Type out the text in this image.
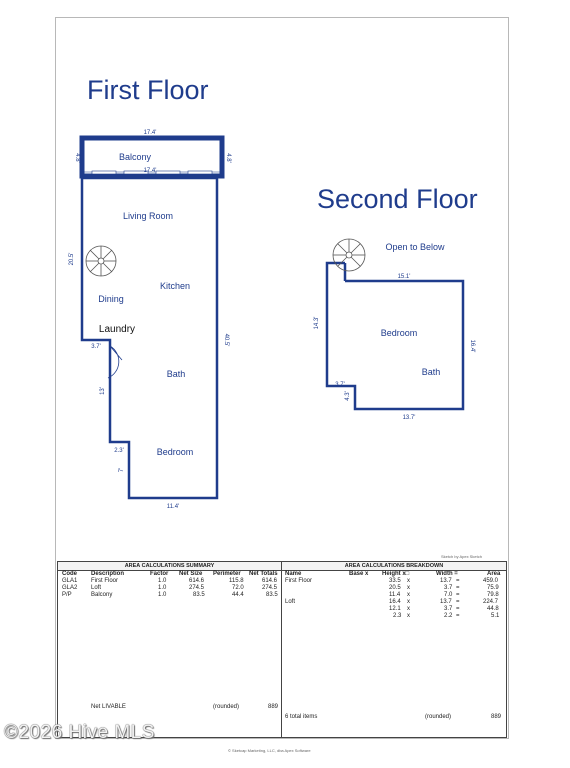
First Floor
Second Floor
Balcony
Living Room
Kitchen
Dining
Laundry
Bath
Bedroom
17.4'
17.4'
4.8'	4.8'
20.5'
40.5'
3.7'
13'
2.3'
7'
11.4'
Open to Below
Bedroom
Bath
15.1'
14.3'
16.4'
3.7'
4.3'
13.7'
Sketch by Apex Sketch
AREA CALCULATIONS SUMMARY
Code Description	Factor Net Size Perimeter Net Totals
GLA1 First Floor	1.0	614.6	115.8	614.6
GLA2 Loft	1.0	274.5	72.0	274.5
P/P	Balcony	1.0	83.5	44.4	83.5
Net LIVABLE	(rounded)	889
AREA CALCULATIONS BREAKDOWN
Name	Base x Height x□	Width =	Area
First Floor	33.5 x	13.7 =	459.0
20.5 x	3.7 =	75.9
11.4 x	7.0 =	79.8
Loft	16.4 x	13.7 =	224.7
12.1 x	3.7 =	44.8
2.3 x	2.2 =	5.1
6 total items	(rounded)	889
© Sketcap Marketing, LLC, dba Apex Software
©2026 Hive MLS
